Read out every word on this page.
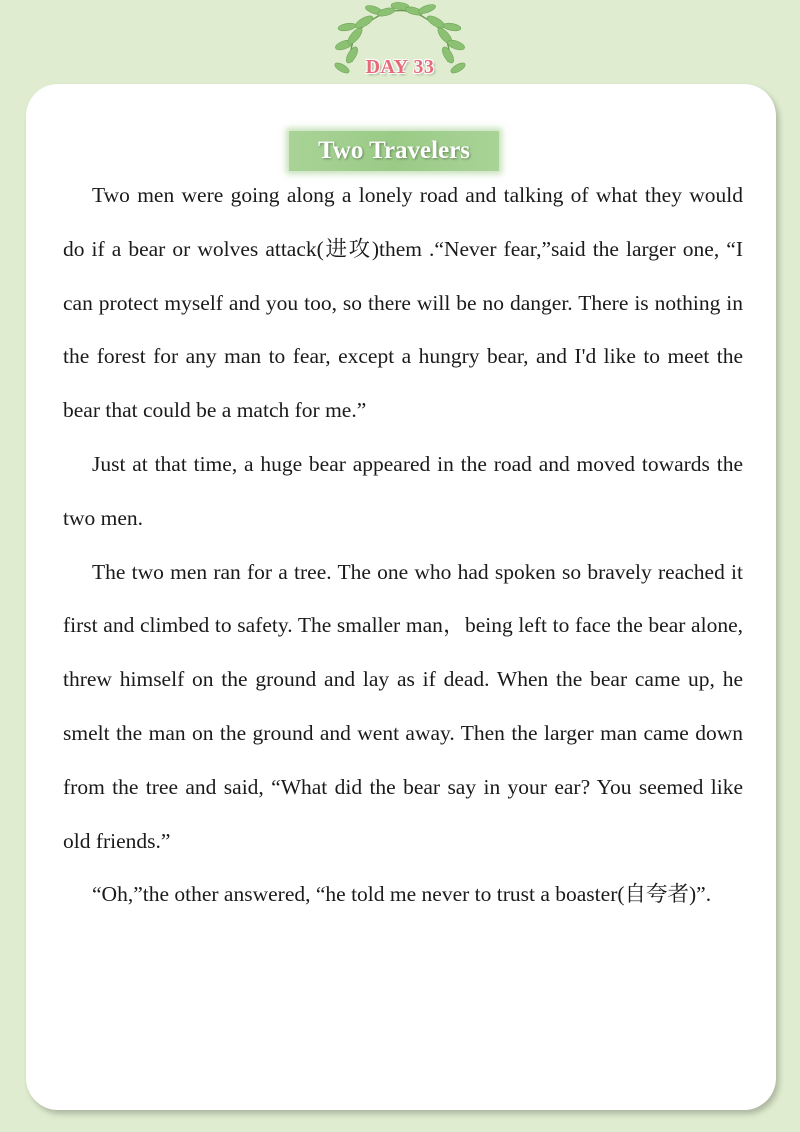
DAY 33
Two Travelers

Two men were going along a lonely road and talking of what they would do if a bear or wolves attack(进攻)them .“Never fear,”said the larger one, “I can protect myself and you too, so there will be no danger. There is nothing in the forest for any man to fear, except a hungry bear, and I'd like to meet the bear that could be a match for me.”

Just at that time, a huge bear appeared in the road and moved towards the two men.

The two men ran for a tree. The one who had spoken so bravely reached it first and climbed to safety. The smaller man，being left to face the bear alone, threw himself on the ground and lay as if dead. When the bear came up, he smelt the man on the ground and went away. Then the larger man came down from the tree and said, “What did the bear say in your ear? You seemed like old friends.”

“Oh,”the other answered, “he told me never to trust a boaster(自夸者)”.
